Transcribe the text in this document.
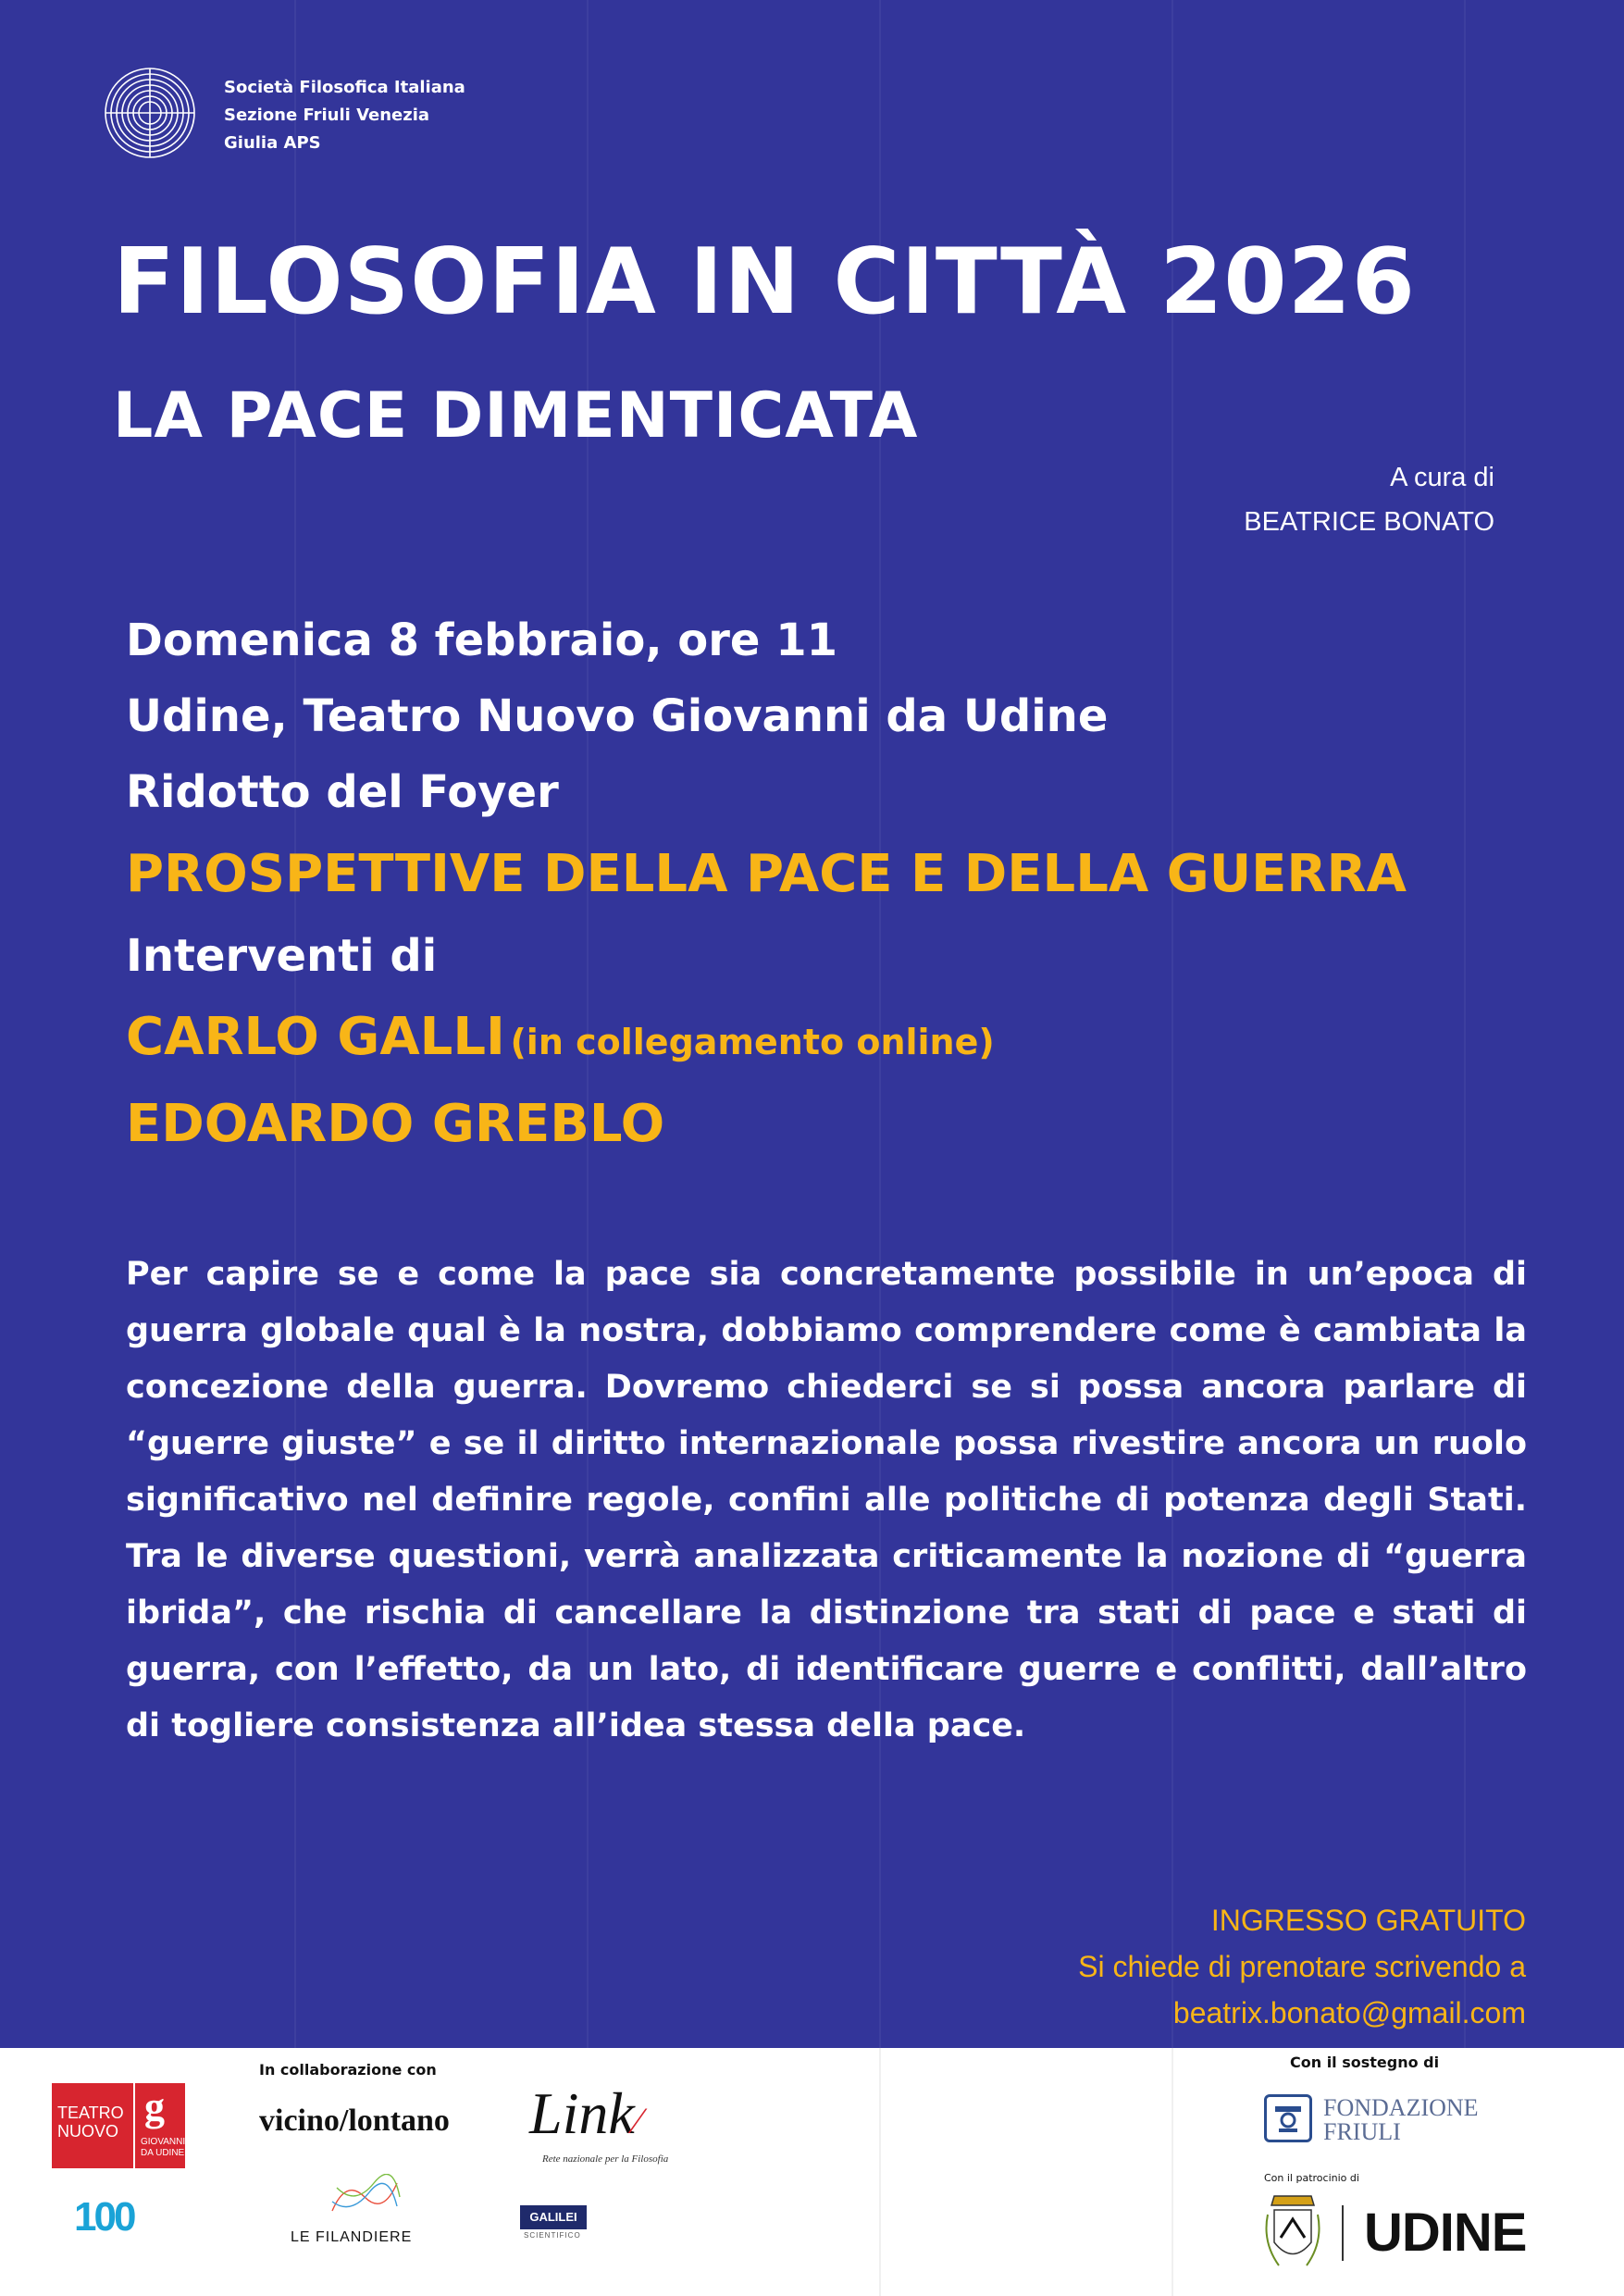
Società Filosofica Italiana
Sezione Friuli Venezia
Giulia APS
FILOSOFIA IN CITTÀ 2026
LA PACE DIMENTICATA
A cura di
BEATRICE BONATO
Domenica 8 febbraio, ore 11
Udine, Teatro Nuovo Giovanni da Udine
Ridotto del Foyer
PROSPETTIVE DELLA PACE E DELLA GUERRA
Interventi di
CARLO GALLI (in collegamento online)
EDOARDO GREBLO
Per capire se e come la pace sia concretamente possibile in un’epoca di guerra globale qual è la nostra, dobbiamo comprendere come è cambiata la concezione della guerra. Dovremo chiederci se si possa ancora parlare di “guerre giuste” e se il diritto internazionale possa rivestire ancora un ruolo significativo nel definire regole, confini alle politiche di potenza degli Stati. Tra le diverse questioni, verrà analizzata criticamente la nozione di “guerra ibrida”, che rischia di cancellare la distinzione tra stati di pace e stati di guerra, con l’effetto, da un lato, di identificare guerre e conflitti, dall’altro di togliere consistenza all’idea stessa della pace.
INGRESSO GRATUITO
Si chiede di prenotare scrivendo a
beatrix.bonato@gmail.com
In collaborazione con	Con il sostegno di
Con il patrocinio di
TEATRO
NUOVO
g
GIOVANNI
DA UDINE
100
vicino/lontano Link⁄
Rete nazionale per la Filosofia
LE FILANDIERE
GALILEI
SCIENTIFICO
FONDAZIONE
FRIULI
UDINE
